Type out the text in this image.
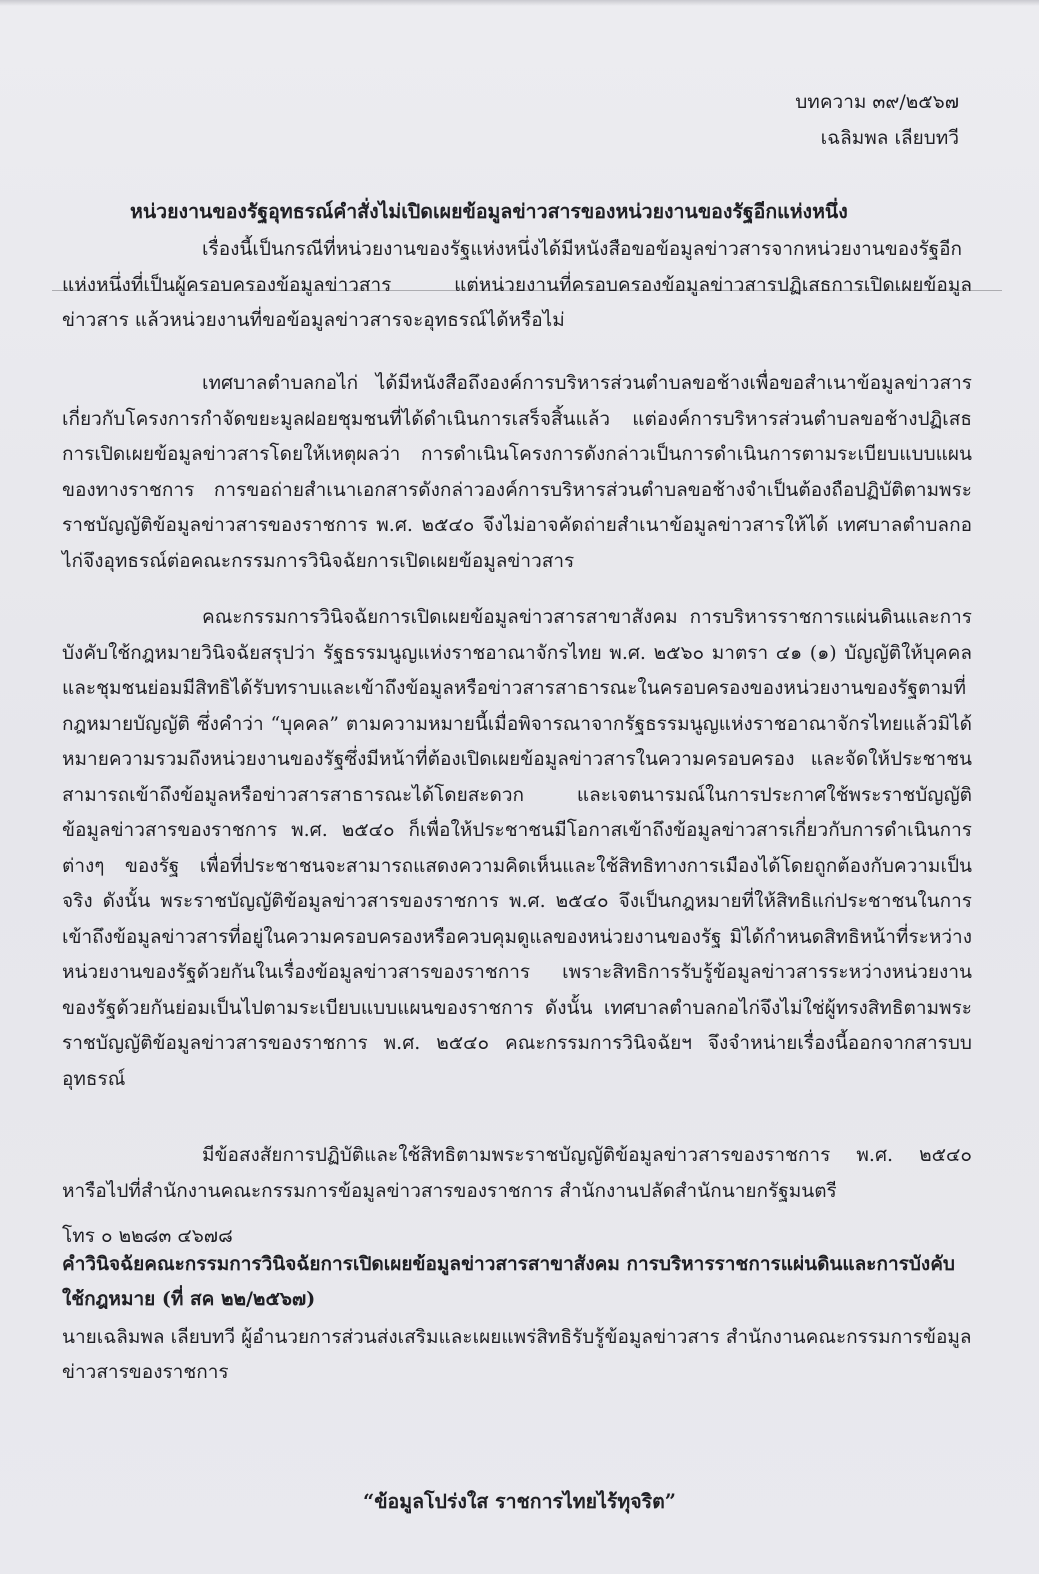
บทความ ๓๙/๒๕๖๗
เฉลิมพล เลียบทวี
หน่วยงานของรัฐอุทธรณ์คำสั่งไม่เปิดเผยข้อมูลข่าวสารของหน่วยงานของรัฐอีกแห่งหนึ่ง

เรื่องนี้เป็นกรณีที่หน่วยงานของรัฐแห่งหนึ่งได้มีหนังสือขอข้อมูลข่าวสารจากหน่วยงานของรัฐอีกแห่งหนึ่งที่เป็นผู้ครอบครองข้อมูลข่าวสาร แต่หน่วยงานที่ครอบครองข้อมูลข่าวสารปฏิเสธการเปิดเผยข้อมูลข่าวสาร แล้วหน่วยงานที่ขอข้อมูลข่าวสารจะอุทธรณ์ได้หรือไม่

เทศบาลตำบลกอไก่ ได้มีหนังสือถึงองค์การบริหารส่วนตำบลขอช้างเพื่อขอสำเนาข้อมูลข่าวสารเกี่ยวกับโครงการกำจัดขยะมูลฝอยชุมชนที่ได้ดำเนินการเสร็จสิ้นแล้ว แต่องค์การบริหารส่วนตำบลขอช้างปฏิเสธการเปิดเผยข้อมูลข่าวสารโดยให้เหตุผลว่า การดำเนินโครงการดังกล่าวเป็นการดำเนินการตามระเบียบแบบแผนของทางราชการ การขอถ่ายสำเนาเอกสารดังกล่าวองค์การบริหารส่วนตำบลขอช้างจำเป็นต้องถือปฏิบัติตามพระราชบัญญัติข้อมูลข่าวสารของราชการ พ.ศ. ๒๕๔๐ จึงไม่อาจคัดถ่ายสำเนาข้อมูลข่าวสารให้ได้ เทศบาลตำบลกอไก่จึงอุทธรณ์ต่อคณะกรรมการวินิจฉัยการเปิดเผยข้อมูลข่าวสาร

คณะกรรมการวินิจฉัยการเปิดเผยข้อมูลข่าวสารสาขาสังคม การบริหารราชการแผ่นดินและการบังคับใช้กฎหมายวินิจฉัยสรุปว่า รัฐธรรมนูญแห่งราชอาณาจักรไทย พ.ศ. ๒๕๖๐ มาตรา ๔๑ (๑) บัญญัติให้บุคคลและชุมชนย่อมมีสิทธิได้รับทราบและเข้าถึงข้อมูลหรือข่าวสารสาธารณะในครอบครองของหน่วยงานของรัฐตามที่กฎหมายบัญญัติ ซึ่งคำว่า “บุคคล” ตามความหมายนี้เมื่อพิจารณาจากรัฐธรรมนูญแห่งราชอาณาจักรไทยแล้วมิได้หมายความรวมถึงหน่วยงานของรัฐซึ่งมีหน้าที่ต้องเปิดเผยข้อมูลข่าวสารในความครอบครอง และจัดให้ประชาชนสามารถเข้าถึงข้อมูลหรือข่าวสารสาธารณะได้โดยสะดวก และเจตนารมณ์ในการประกาศใช้พระราชบัญญัติข้อมูลข่าวสารของราชการ พ.ศ. ๒๕๔๐ ก็เพื่อให้ประชาชนมีโอกาสเข้าถึงข้อมูลข่าวสารเกี่ยวกับการดำเนินการต่างๆ ของรัฐ เพื่อที่ประชาชนจะสามารถแสดงความคิดเห็นและใช้สิทธิทางการเมืองได้โดยถูกต้องกับความเป็นจริง ดังนั้น พระราชบัญญัติข้อมูลข่าวสารของราชการ พ.ศ. ๒๕๔๐ จึงเป็นกฎหมายที่ให้สิทธิแก่ประชาชนในการเข้าถึงข้อมูลข่าวสารที่อยู่ในความครอบครองหรือควบคุมดูแลของหน่วยงานของรัฐ มิได้กำหนดสิทธิหน้าที่ระหว่างหน่วยงานของรัฐด้วยกันในเรื่องข้อมูลข่าวสารของราชการ เพราะสิทธิการรับรู้ข้อมูลข่าวสารระหว่างหน่วยงานของรัฐด้วยกันย่อมเป็นไปตามระเบียบแบบแผนของราชการ ดังนั้น เทศบาลตำบลกอไก่จึงไม่ใช่ผู้ทรงสิทธิตามพระราชบัญญัติข้อมูลข่าวสารของราชการ พ.ศ. ๒๕๔๐ คณะกรรมการวินิจฉัยฯ จึงจำหน่ายเรื่องนี้ออกจากสารบบอุทธรณ์

มีข้อสงสัยการปฏิบัติและใช้สิทธิตามพระราชบัญญัติข้อมูลข่าวสารของราชการ พ.ศ. ๒๕๔๐ หารือไปที่สำนักงานคณะกรรมการข้อมูลข่าวสารของราชการ สำนักงานปลัดสำนักนายกรัฐมนตรี

โทร ๐ ๒๒๘๓ ๔๖๗๘
คำวินิจฉัยคณะกรรมการวินิจฉัยการเปิดเผยข้อมูลข่าวสารสาขาสังคม การบริหารราชการแผ่นดินและการบังคับใช้กฎหมาย (ที่ สค ๒๒/๒๕๖๗)
นายเฉลิมพล เลียบทวี ผู้อำนวยการส่วนส่งเสริมและเผยแพร่สิทธิรับรู้ข้อมูลข่าวสาร สำนักงานคณะกรรมการข้อมูลข่าวสารของราชการ
“ข้อมูลโปร่งใส ราชการไทยไร้ทุจริต”
